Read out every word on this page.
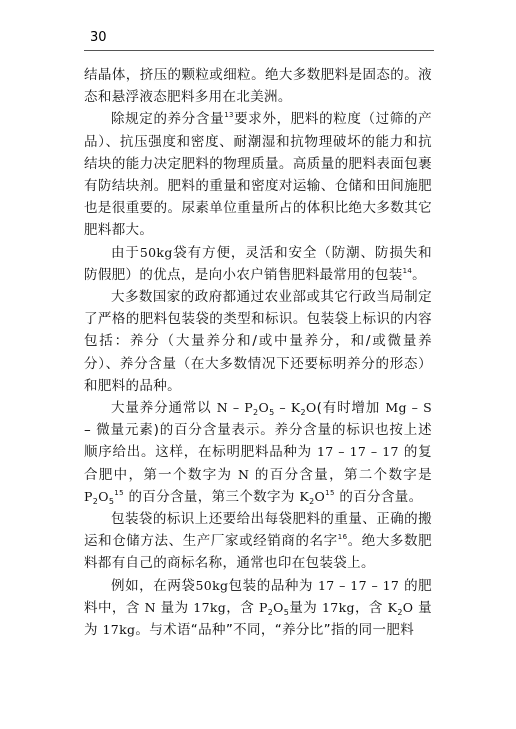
30

结晶体，挤压的颗粒或细粒。绝大多数肥料是固态的。液态和悬浮液态肥料多用在北美洲。

除规定的养分含量$^{13}$要求外，肥料的粒度（过筛的产品）、抗压强度和密度、耐潮湿和抗物理破坏的能力和抗结块的能力决定肥料的物理质量。高质量的肥料表面包裹有防结块剂。肥料的重量和密度对运输、仓储和田间施肥也是很重要的。尿素单位重量所占的体积比绝大多数其它肥料都大。

由于50kg袋有方便，灵活和安全（防潮、防损失和防假肥）的优点，是向小农户销售肥料最常用的包装$^{14}$。

大多数国家的政府都通过农业部或其它行政当局制定了严格的肥料包装袋的类型和标识。包装袋上标识的内容包括：养分（大量养分和/或中量养分，和/或微量养分）、养分含量（在大多数情况下还要标明养分的形态）和肥料的品种。

大量养分通常以 N – $P_2O_5 - K_2O$(有时增加 Mg – S – 微量元素)的百分含量表示。养分含量的标识也按上述顺序给出。这样，在标明肥料品种为 17 – 17 – 17 的复合肥中，第一个数字为 N 的百分含量，第二个数字是 $P_2O_5^{15}$ 的百分含量，第三个数字为 $K_2O^{15}$ 的百分含量。

包装袋的标识上还要给出每袋肥料的重量、正确的搬运和仓储方法、生产厂家或经销商的名字$^{16}$。绝大多数肥料都有自己的商标名称，通常也印在包装袋上。

例如，在两袋50kg包装的品种为 17 – 17 – 17 的肥料中，含 N 量为 17kg，含 $P_2O_5$量为 17kg，含 $K_2O$ 量为 17kg。与术语“品种”不同，“养分比”指的同一肥料
